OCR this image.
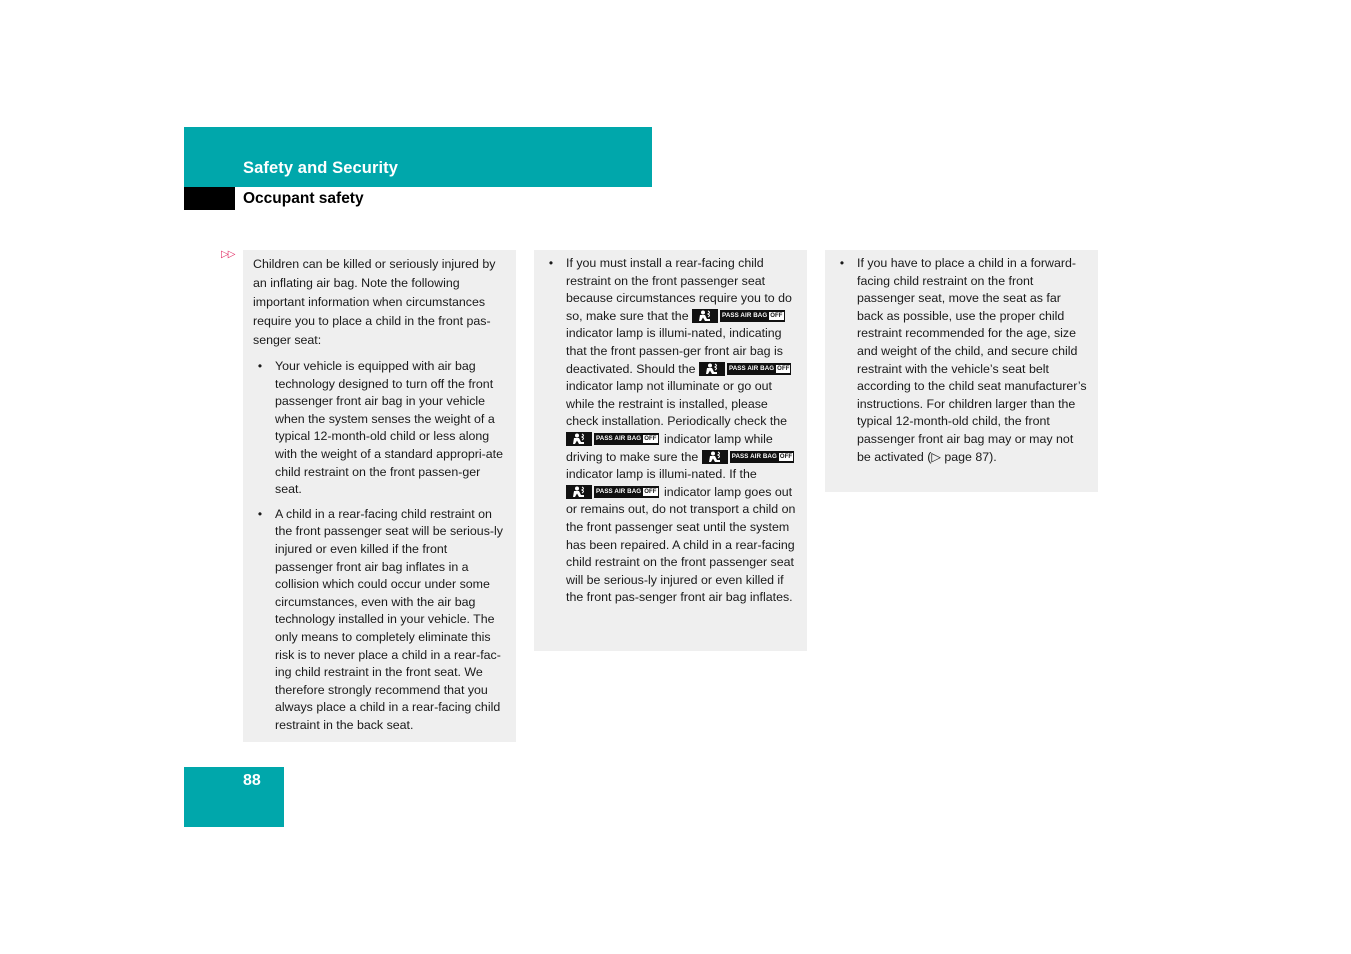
Safety and Security
Occupant safety
▷▷

Children can be killed or seriously injured by an inflating air bag. Note the following important information when circumstances require you to place a child in the front pas-senger seat:

•	Your vehicle is equipped with air bag technology designed to turn off the front passenger front air bag in your vehicle when the system senses the weight of a typical 12-month-old child or less along with the weight of a standard appropri-ate child restraint on the front passen-ger seat.
•	A child in a rear-facing child restraint on the front passenger seat will be serious-ly injured or even killed if the front passenger front air bag inflates in a collision which could occur under some circumstances, even with the air bag technology installed in your vehicle. The only means to completely eliminate this risk is to never place a child in a rear-fac-ing child restraint in the front seat. We therefore strongly recommend that you always place a child in a rear-facing child restraint in the back seat.
•	If you must install a rear-facing child restraint on the front passenger seat because circumstances require you to do so, make sure that the	PASS AIR BAG OFF
indicator lamp is illumi-nated, indicating that the front passen-ger front air bag is deactivated. Should the	PASS AIR BAG OFF
indicator lamp not illuminate or go out while the restraint is installed, please check installation. Periodically check the
PASS AIR BAG OFF indicator lamp while driving to make sure the	PASS AIR BAG OFF
indicator lamp is illumi-nated. If the
PASS AIR BAG OFF indicator lamp goes out or remains out, do not transport a child on the front passenger seat until the system has been repaired. A child in a rear-facing child restraint on the front passenger seat will be serious-ly injured or even killed if the front pas-senger front air bag inflates.
•	If you have to place a child in a forward-facing child restraint on the front passenger seat, move the seat as far back as possible, use the proper child restraint recommended for the age, size and weight of the child, and secure child restraint with the vehicle’s seat belt according to the child seat manufacturer’s instructions. For children larger than the typical 12-month-old child, the front passenger front air bag may or may not be activated (▷ page 87).
88
